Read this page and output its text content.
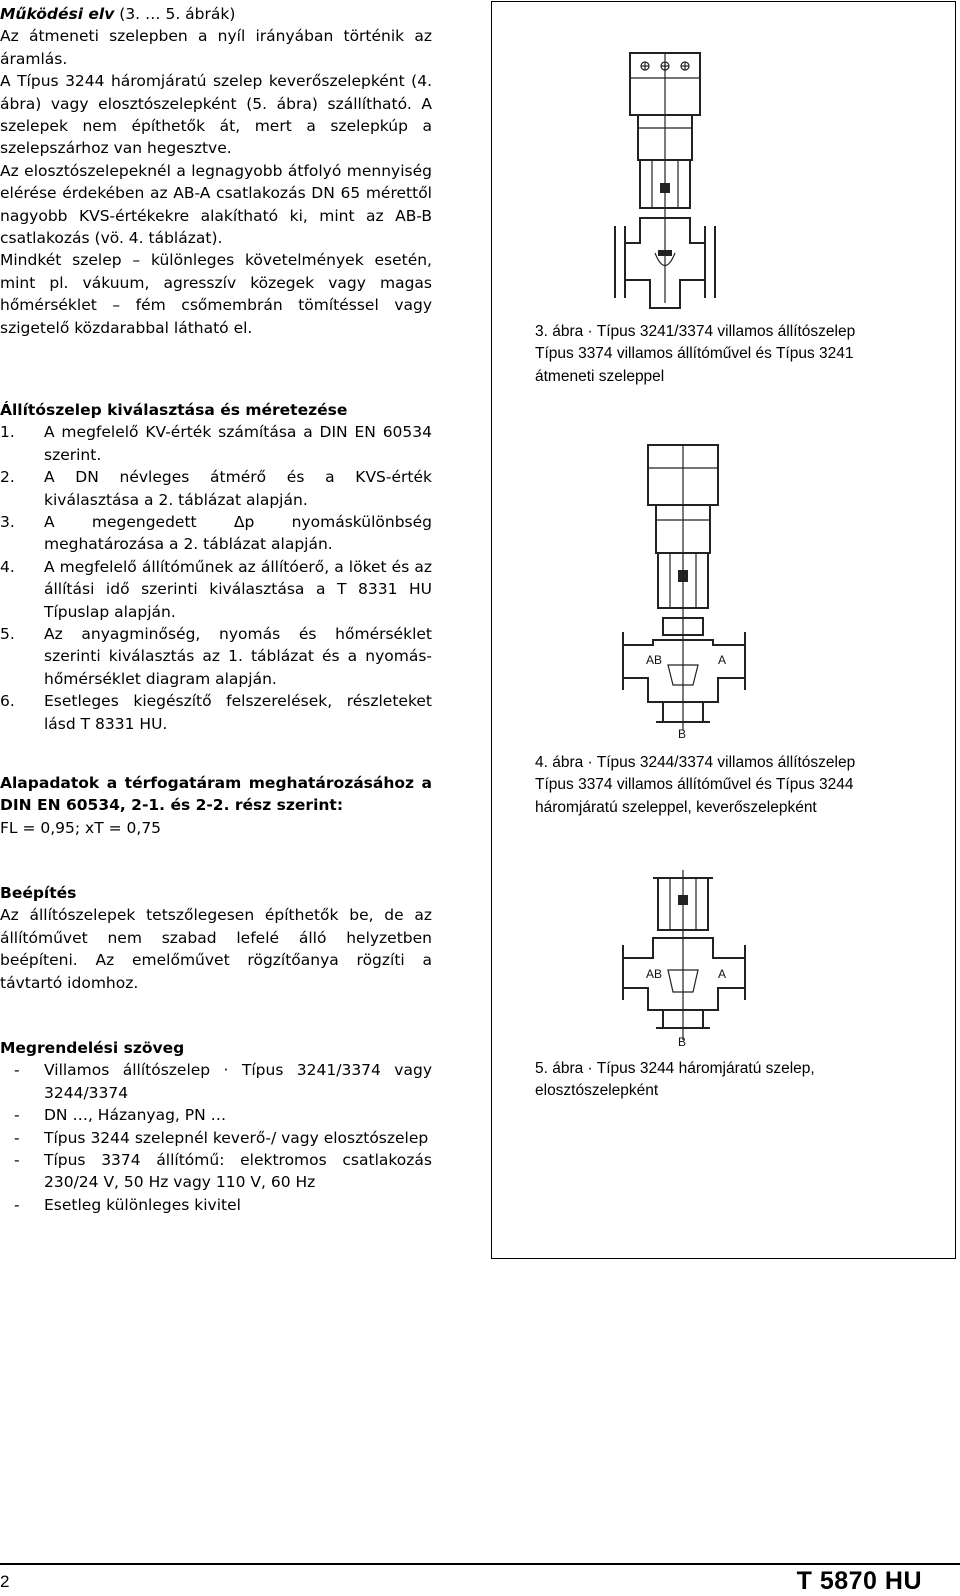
Működési elv (3. … 5. ábrák)

Az átmeneti szelepben a nyíl irányában történik az áramlás.

A Típus 3244 háromjáratú szelep keverőszelepként (4. ábra) vagy elosztószelepként (5. ábra) szállítható. A szelepek nem építhetők át, mert a szelepkúp a szelepszárhoz van hegesztve.

Az elosztószelepeknél a legnagyobb átfolyó mennyiség elérése érdekében az AB-A csatlakozás DN 65 mérettől nagyobb KVS-értékekre alakítható ki, mint az AB-B csatlakozás (vö. 4. táblázat).

Mindkét szelep – különleges követelmények esetén, mint pl. vákuum, agresszív közegek vagy magas hőmérséklet – fém csőmembrán tömítéssel vagy szigetelő közdarabbal látható el.

Állítószelep kiválasztása és méretezése

1.	A megfelelő KV-érték számítása a DIN EN 60534 szerint.
2.	A DN névleges átmérő és a KVS-érték kiválasztása a 2. táblázat alapján.
3.	A megengedett Δp nyomáskülönbség meghatározása a 2. táblázat alapján.
4.	A megfelelő állítóműnek az állítóerő, a löket és az állítási idő szerinti kiválasztása a T 8331 HU Típuslap alapján.
5.	Az anyagminőség, nyomás és hőmérséklet szerinti kiválasztás az 1. táblázat és a nyomás-hőmérséklet diagram alapján.
6.	Esetleges kiegészítő felszerelések, részleteket lásd T 8331 HU.

Alapadatok a térfogatáram meghatározásához a DIN EN 60534, 2-1. és 2-2. rész szerint:

FL = 0,95; xT = 0,75

Beépítés

Az állítószelepek tetszőlegesen építhetők be, de az állítóművet nem szabad lefelé álló helyzetben beépíteni. Az emelőművet rögzítőanya rögzíti a távtartó idomhoz.

Megrendelési szöveg

- Villamos állítószelep · Típus 3241/3374 vagy 3244/3374
- DN …, Házanyag, PN …
- Típus 3244 szelepnél keverő-/ vagy elosztószelep
- Típus 3374 állítómű: elektromos csatlakozás 230/24 V, 50 Hz vagy 110 V, 60 Hz
- Esetleg különleges kivitel
3. ábra · Típus 3241/3374 villamos állítószelep
Típus 3374 villamos állítóművel és Típus 3241
átmeneti szeleppel
AB	A
B
4. ábra · Típus 3244/3374 villamos állítószelep
Típus 3374 villamos állítóművel és Típus 3244
háromjáratú szeleppel, keverőszelepként
AB	A
B
5. ábra · Típus 3244 háromjáratú szelep,
elosztószelepként
2	T 5870 HU
